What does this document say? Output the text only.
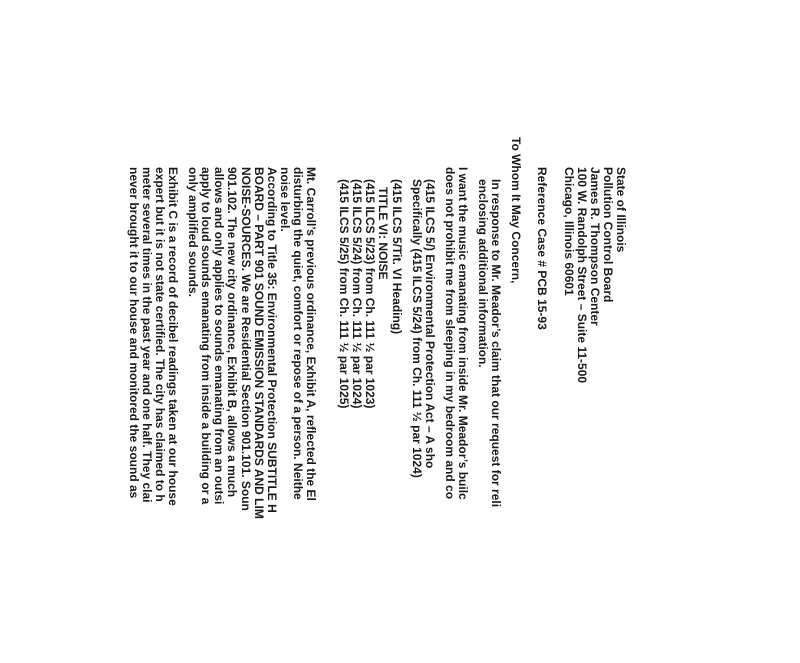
State of Illinois
Pollution Control Board
James R. Thompson Center
100 W. Randolph Street – Suite 11-500
Chicago, Illinois 60601
Reference Case # PCB 15-93
To Whom It May Concern,
In response to Mr. Meador’s claim that our request for reli
enclosing additional information.
I want the music emanating from inside Mr. Meador’s builc
does not prohibit me from sleeping in my bedroom and co
(415 ILCS 5/) Environmental Protection Act – A sho
Specifically (415 ILCS 5/24) from Ch. 111 ½ par 1024)
(415 ILCS 5/Tit. VI Heading)
TITLE VI: NOISE
(415 ILCS 5/23) from Ch. 111 ½ par 1023)
(415 ILCS 5/24) from Ch. 111 ½ par 1024)
(415 ILCS 5/25) from Ch. 111 ½ par 1025)
Mt. Carroll’s previous ordinance, Exhibit A, reflected the El
disturbing the quiet, comfort or repose of a person. Neithe
noise level.
According to Title 35: Environmental Protection SUBTITLE H
BOARD – PART 901 SOUND EMISSION STANDARDS AND LIM
NOISE-SOURCES. We are Residential Section 901.101. Soun
901.102. The new city ordinance, Exhibit B, allows a much
allows and only applies to sounds emanating from an outsi
apply to loud sounds emanating from inside a building or a
only amplified sounds.
Exhibit C is a record of decibel readings taken at our house
expert but it is not state certified. The city has claimed to h
meter several times in the past year and one half. They clai
never brought it to our house and monitored the sound as
